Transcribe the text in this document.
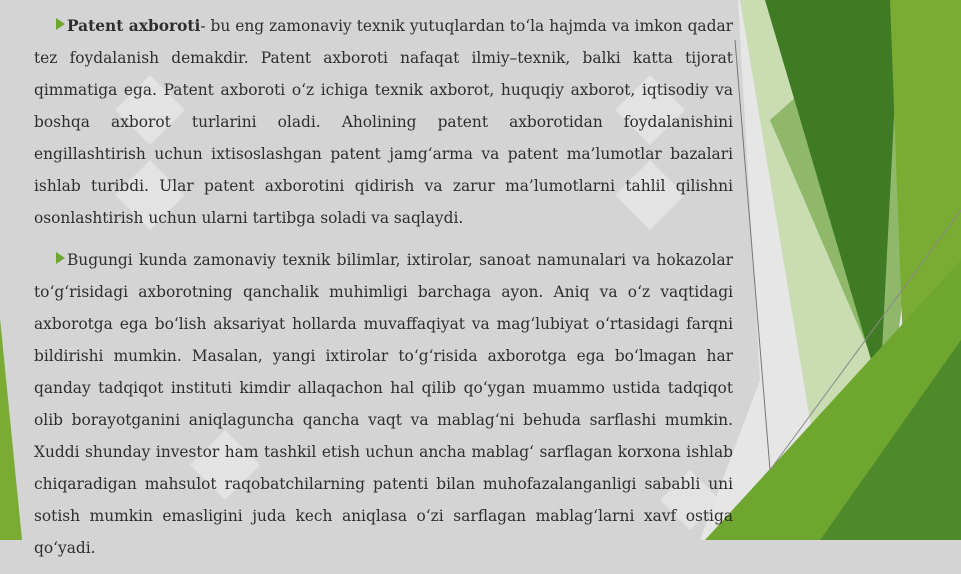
Patent axboroti- bu eng zamonaviy texnik yutuqlardan to‘la hajmda va imkon qadar tez foydalanish demakdir. Patent axboroti nafaqat ilmiy–texnik, balki katta tijorat qimmatiga ega. Patent axboroti o‘z ichiga texnik axborot, huquqiy axborot, iqtisodiy va boshqa axborot turlarini oladi. Aholining patent axborotidan foydalanishini engillashtirish uchun ixtisoslashgan patent jamg‘arma va patent ma’lumotlar bazalari ishlab turibdi. Ular patent axborotini qidirish va zarur ma’lumotlarni tahlil qilishni osonlashtirish uchun ularni tartibga soladi va saqlaydi.

Bugungi kunda zamonaviy texnik bilimlar, ixtirolar, sanoat namunalari va hokazolar to‘g‘risidagi axborotning qanchalik muhimligi barchaga ayon. Aniq va o‘z vaqtidagi axborotga ega bo‘lish aksariyat hollarda muvaffaqiyat va mag‘lubiyat o‘rtasidagi farqni bildirishi mumkin. Masalan, yangi ixtirolar to‘g‘risida axborotga ega bo‘lmagan har qanday tadqiqot instituti kimdir allaqachon hal qilib qo‘ygan muammo ustida tadqiqot olib borayotganini aniqlaguncha qancha vaqt va mablag‘ni behuda sarflashi mumkin. Xuddi shunday investor ham tashkil etish uchun ancha mablag‘ sarflagan korxona ishlab chiqaradigan mahsulot raqobatchilarning patenti bilan muhofazalanganligi sababli uni sotish mumkin emasligini juda kech aniqlasa o‘zi sarflagan mablag‘larni xavf ostiga qo‘yadi.
